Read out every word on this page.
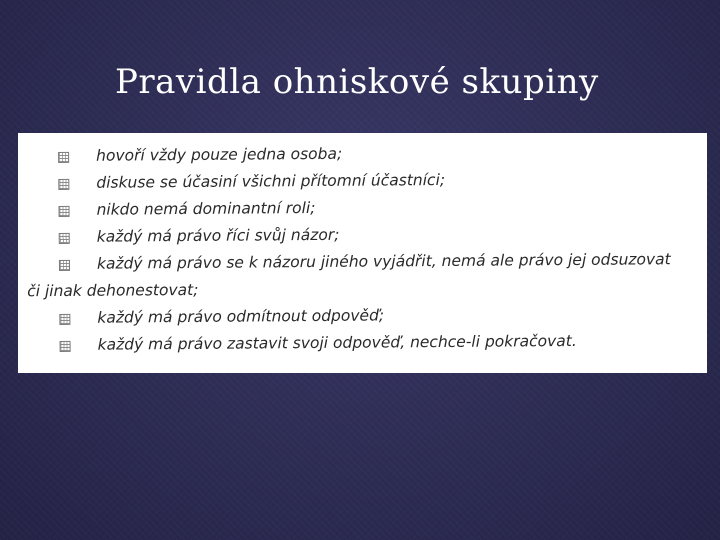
Pravidla ohniskové skupiny
hovoří vždy pouze jedna osoba;
diskuse se účasiní všichni přítomní účastníci;
nikdo nemá dominantní roli;
každý má právo říci svůj názor;
každý má právo se k názoru jiného vyjádřit, nemá ale právo jej odsuzovat
či jinak dehonestovat;
každý má právo odmítnout odpověď;
každý má právo zastavit svoji odpověď, nechce-li pokračovat.
